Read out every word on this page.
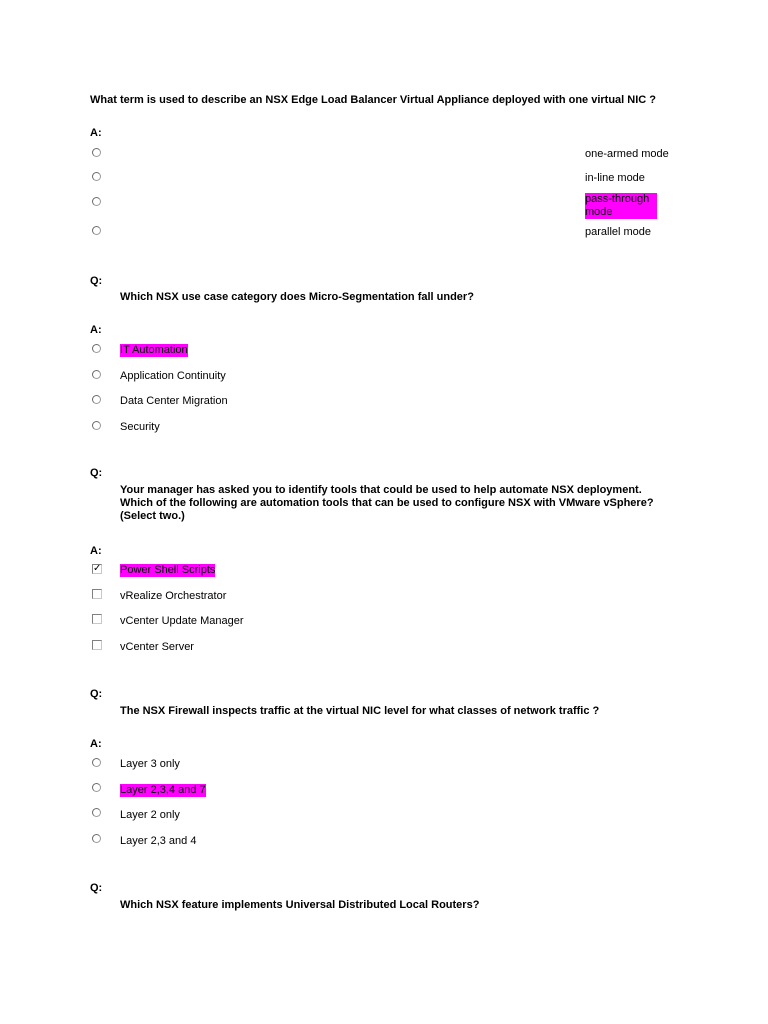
What term is used to describe an NSX Edge Load Balancer Virtual Appliance deployed with one virtual NIC ?
A:
one-armed mode
in-line mode
pass-through mode
parallel mode
Q:
Which NSX use case category does Micro-Segmentation fall under?
A:
IT Automation
Application Continuity
Data Center Migration
Security
Q:
Your manager has asked you to identify tools that could be used to help automate NSX deployment.
Which of the following are automation tools that can be used to configure NSX with VMware vSphere?
(Select two.)
A:
✓ Power Shell Scripts
vRealize Orchestrator
vCenter Update Manager
vCenter Server
Q:
The NSX Firewall inspects traffic at the virtual NIC level for what classes of network traffic ?
A:
Layer 3 only
Layer 2,3,4 and 7
Layer 2 only
Layer 2,3 and 4
Q:
Which NSX feature implements Universal Distributed Local Routers?
